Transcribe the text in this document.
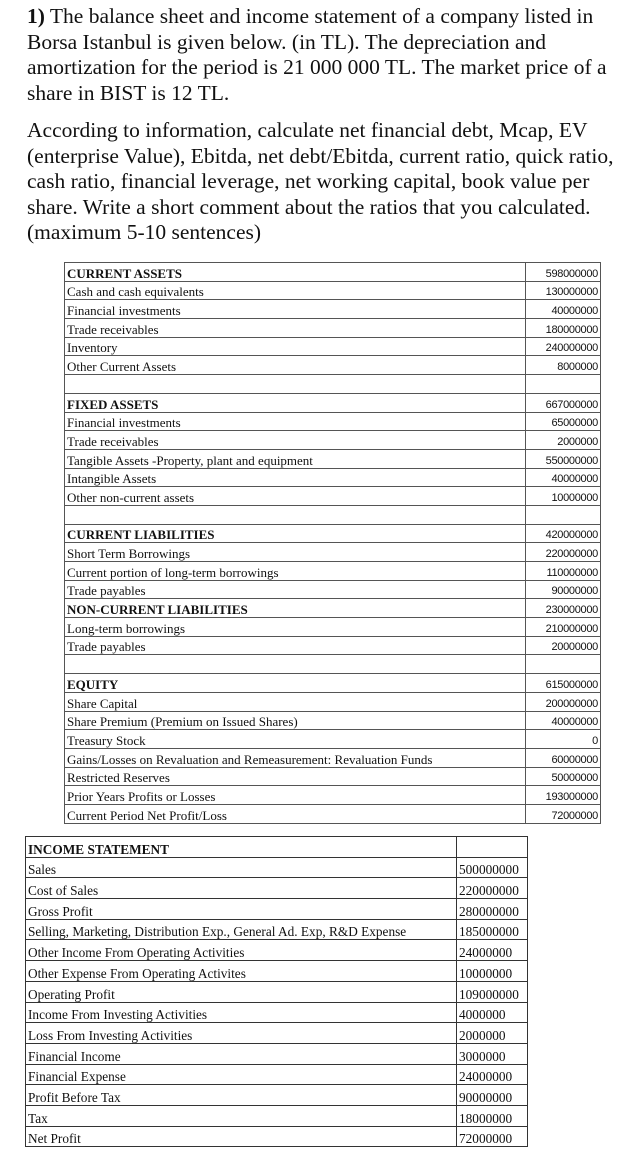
1) The balance sheet and income statement of a company listed in Borsa Istanbul is given below. (in TL). The depreciation and amortization for the period is 21 000 000 TL. The market price of a share in BIST is 12 TL.
According to information, calculate net financial debt, Mcap, EV (enterprise Value), Ebitda, net debt/Ebitda, current ratio, quick ratio, cash ratio, financial leverage, net working capital, book value per share. Write a short comment about the ratios that you calculated. (maximum 5-10 sentences)
CURRENT ASSETS	598000000
Cash and cash equivalents	130000000
Financial investments	40000000
Trade receivables	180000000
Inventory	240000000
Other Current Assets	8000000

FIXED ASSETS	667000000
Financial investments	65000000
Trade receivables	2000000
Tangible Assets -Property, plant and equipment	550000000
Intangible Assets	40000000
Other non-current assets	10000000

CURRENT LIABILITIES	420000000
Short Term Borrowings	220000000
Current portion of long-term borrowings	110000000
Trade payables	90000000
NON-CURRENT LIABILITIES	230000000
Long-term borrowings	210000000
Trade payables	20000000

EQUITY	615000000
Share Capital	200000000
Share Premium (Premium on Issued Shares)	40000000
Treasury Stock	0
Gains/Losses on Revaluation and Remeasurement: Revaluation Funds	60000000
Restricted Reserves	50000000
Prior Years Profits or Losses	193000000
Current Period Net Profit/Loss	72000000
INCOME STATEMENT	
Sales	500000000
Cost of Sales	220000000
Gross Profit	280000000
Selling, Marketing, Distribution Exp., General Ad. Exp, R&D Expense	185000000
Other Income From Operating Activities	24000000
Other Expense From Operating Activites	10000000
Operating Profit	109000000
Income From Investing Activities	4000000
Loss From Investing Activities	2000000
Financial Income	3000000
Financial Expense	24000000
Profit Before Tax	90000000
Tax	18000000
Net Profit	72000000
